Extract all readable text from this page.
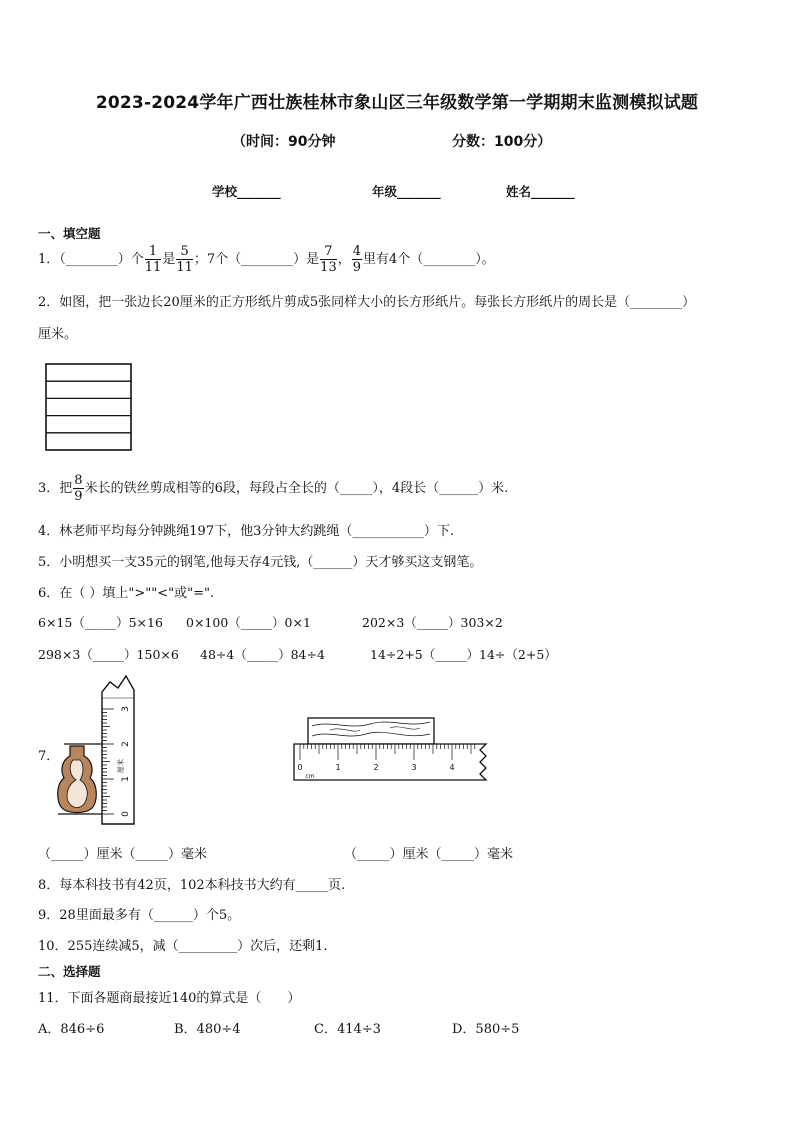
2023-2024学年广西壮族桂林市象山区三年级数学第一学期期末监测模拟试题
（时间：90分钟	分数：100分）
学校_______	年级_______	姓名_______
一、填空题
1．（________）个 $\frac{1}{11}$ 是 $\frac{5}{11}$ ；7个（________）是 $\frac{7}{13}$ ， $\frac{4}{9}$ 里有4个（________）。
2．如图，把一张边长20厘米的正方形纸片剪成5张同样大小的长方形纸片。每张长方形纸片的周长是（________）
厘米。
3．把 $\frac{8}{9}$ 米长的铁丝剪成相等的6段，每段占全长的（_____），4段长（______）米.
4．林老师平均每分钟跳绳197下，他3分钟大约跳绳（___________）下.
5．小明想买一支35元的钢笔,他每天存4元钱,（______）天才够买这支钢笔。
6．在（ ）填上">""<"或"=".
6×15（_____）5×16 0×100（_____）0×1	202×3（_____）303×2
298×3（_____）150×6 48÷4（_____）84÷4	14÷2+5（_____）14÷（2+5）
7．
0
1
2
3
厘米	0	1	2	3	4
cm
（_____）厘米（_____）毫米	（_____）厘米（_____）毫米
8．每本科技书有42页，102本科技书大约有_____页.
9．28里面最多有（______）个5。
10．255连续减5，减（_________）次后，还剩1.
二、选择题
11．下面各题商最接近140的算式是（　　）
A．846÷6	B．480÷4	C．414÷3	D．580÷5
